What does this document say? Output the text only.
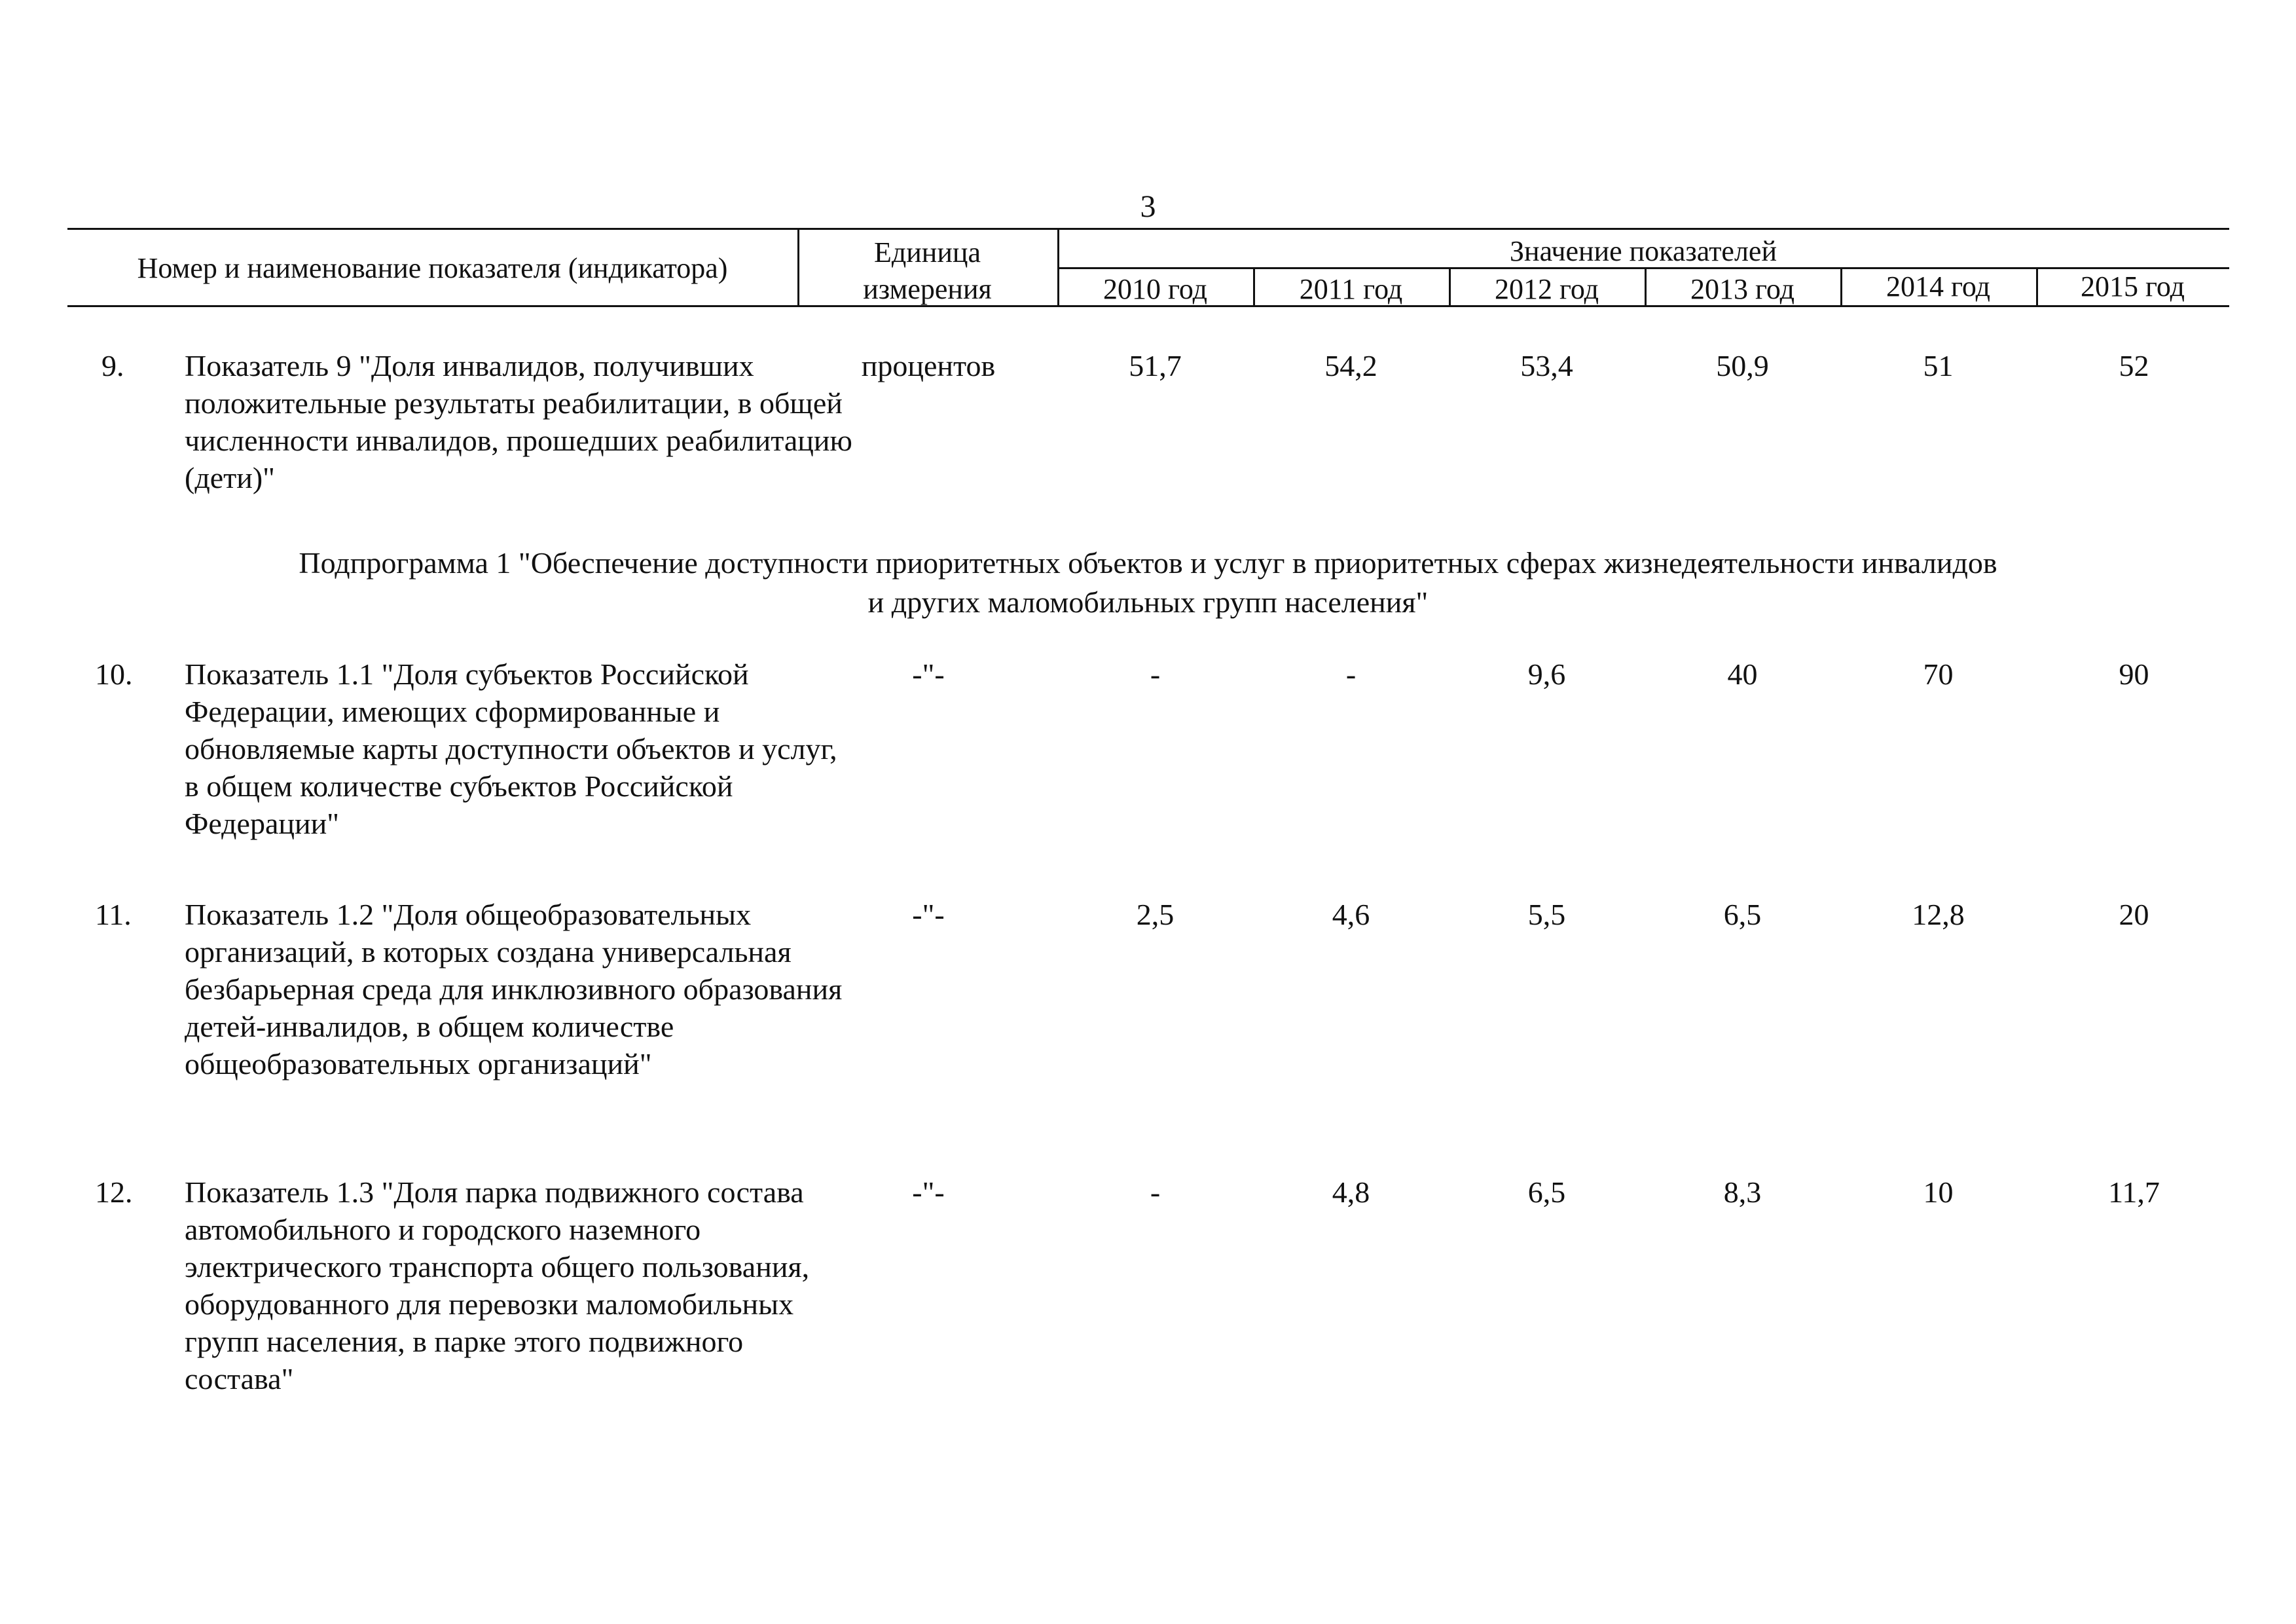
3
Номер и наименование показателя (индикатора)	Единица
измерения
Значение показателей
2010 год	2011 год	2012 год	2013 год	2014 год	2015 год
9. Показатель 9 "Доля инвалидов, получивших положительные результаты реабилитации, в общей численности инвалидов, прошедших реабилитацию (дети)"
процентов	51,7	54,2	53,4	50,9	51	52
Подпрограмма 1 "Обеспечение доступности приоритетных объектов и услуг в приоритетных сферах жизнедеятельности инвалидов
и других маломобильных групп населения"
10. Показатель 1.1 "Доля субъектов Российской Федерации, имеющих сформированные и обновляемые карты доступности объектов и услуг, в общем количестве субъектов Российской Федерации"
-"-	-	-	9,6	40	70	90
11. Показатель 1.2 "Доля общеобразовательных организаций, в которых создана универсальная безбарьерная среда для инклюзивного образования детей-инвалидов, в общем количестве общеобразовательных организаций"
-"-	2,5	4,6	5,5	6,5	12,8	20
12. Показатель 1.3 "Доля парка подвижного состава автомобильного и городского наземного электрического транспорта общего пользования, оборудованного для перевозки маломобильных групп населения, в парке этого подвижного состава"
-"-	-	4,8	6,5	8,3	10	11,7
